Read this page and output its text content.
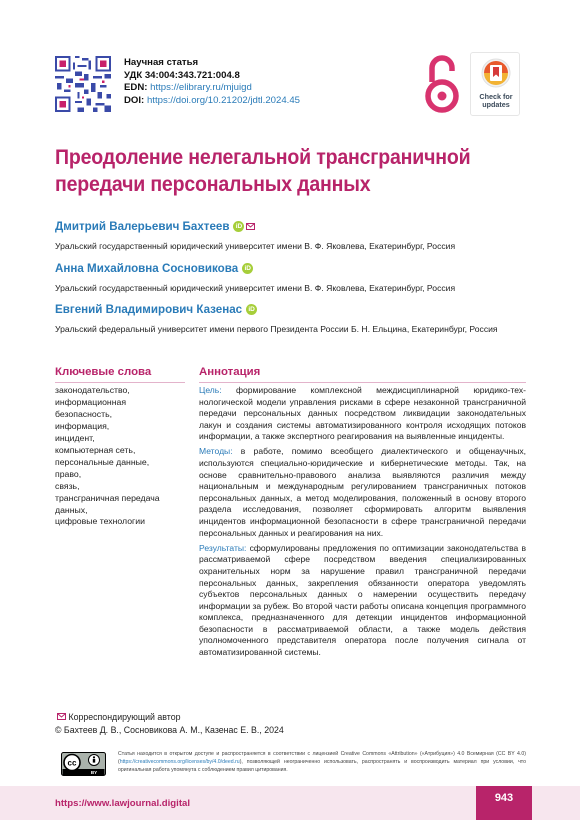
Научная статья
УДК 34:004:343.721:004.8
EDN: https://elibrary.ru/mjuigd
DOI: https://doi.org/10.21202/jdtl.2024.45	Check for updates
Преодоление нелегальной трансграничной передачи персональных данных
Дмитрий Валерьевич Бахтеев iD
Уральский государственный юридический университет имени В. Ф. Яковлева, Екатеринбург, Россия
Анна Михайловна Сосновикова iD
Уральский государственный юридический университет имени В. Ф. Яковлева, Екатеринбург, Россия
Евгений Владимирович Казенас iD
Уральский федеральный университет имени первого Президента России Б. Н. Ельцина, Екатеринбург, Россия
Ключевые слова
законодательство,
информационная
безопасность,
информация,
инцидент,
компьютерная сеть,
персональные данные,
право,
связь,
трансграничная передача
данных,
цифровые технологии
Аннотация

Цель: формирование комплексной междисциплинарной юридико-технологической модели управления рисками в сфере незаконной трансграничной передачи персональных данных посредством ликвидации законодательных лакун и создания системы автоматизированного контроля исходящих потоков информации, а также экспертного реагирования на выявленные инциденты.

Методы: в работе, помимо всеобщего диалектического и общенаучных, используются специально-юридические и кибернетические методы. Так, на основе сравнительно-правового анализа выявляются различия между национальным и международным регулированием трансграничных потоков персональных данных, а метод моделирования, положенный в основу второго раздела исследования, позволяет сформировать алгоритм выявления инцидентов информационной безопасности в сфере трансграничной передачи персональных данных и реагирования на них.

Результаты: сформулированы предложения по оптимизации законодательства в рассматриваемой сфере посредством введения специализированных охранительных норм за нарушение правил трансграничной передачи персональных данных, закрепления обязанности оператора уведомлять субъектов персональных данных о намерении осуществить передачу информации за рубеж. Во второй части работы описана концепция программного комплекса, предназначенного для детекции инцидентов информационной безопасности в рассматриваемой области, а также модель действия уполномоченного представителя оператора после получения сигнала от автоматизированной системы.

Корреспондирующий автор
© Бахтеев Д. В., Сосновикова А. М., Казенас Е. В., 2024
cc
BY
Статья находится в открытом доступе и распространяется в соответствии с лицензией Creative Commons «Attribution» («Атрибуция») 4.0 Всемирная (CC BY 4.0) (https://creativecommons.org/licenses/by/4.0/deed.ru), позволяющей неограниченно использовать, распространять и воспроизводить материал при условии, что оригинальная работа упомянута с соблюдением правил цитирования.
https://www.lawjournal.digital	943
